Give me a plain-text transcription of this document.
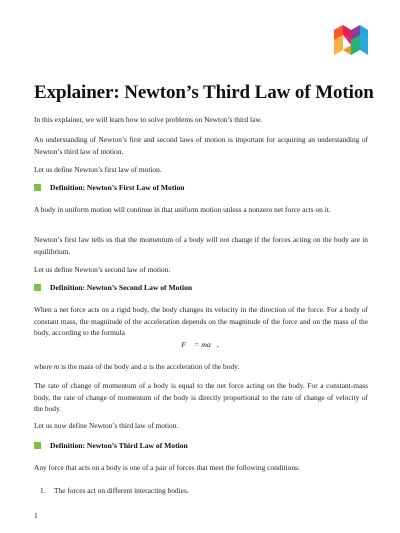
Explainer: Newton’s Third Law of Motion

In this explainer, we will learn how to solve problems on Newton’s third law.

An understanding of Newton’s first and second laws of motion is important for acquiring an understanding of Newton’s third law of motion.

Let us define Newton’s first law of motion.

Definition: Newton’s First Law of Motion

A body in uniform motion will continue in that uniform motion unless a nonzero net force acts on it.

Newton’s first law tells us that the momentum of a body will not change if the forces acting on the body are in equilibrium.

Let us define Newton’s second law of motion.

Definition: Newton’s Second Law of Motion

When a net force acts on a rigid body, the body changes its velocity in the direction of the force. For a body of constant mass, the magnitude of the acceleration depends on the magnitude of the force and on the mass of the body, according to the formula

F⃗ = ma⃗,

where m is the mass of the body and a is the acceleration of the body.

The rate of change of momentum of a body is equal to the net force acting on the body. For a constant-mass body, the rate of change of momentum of the body is directly proportional to the rate of change of velocity of the body.

Let us now define Newton’s third law of motion.

Definition: Newton’s Third Law of Motion

Any force that acts on a body is one of a pair of forces that meet the following conditions:

1. The forces act on different interacting bodies.
1
